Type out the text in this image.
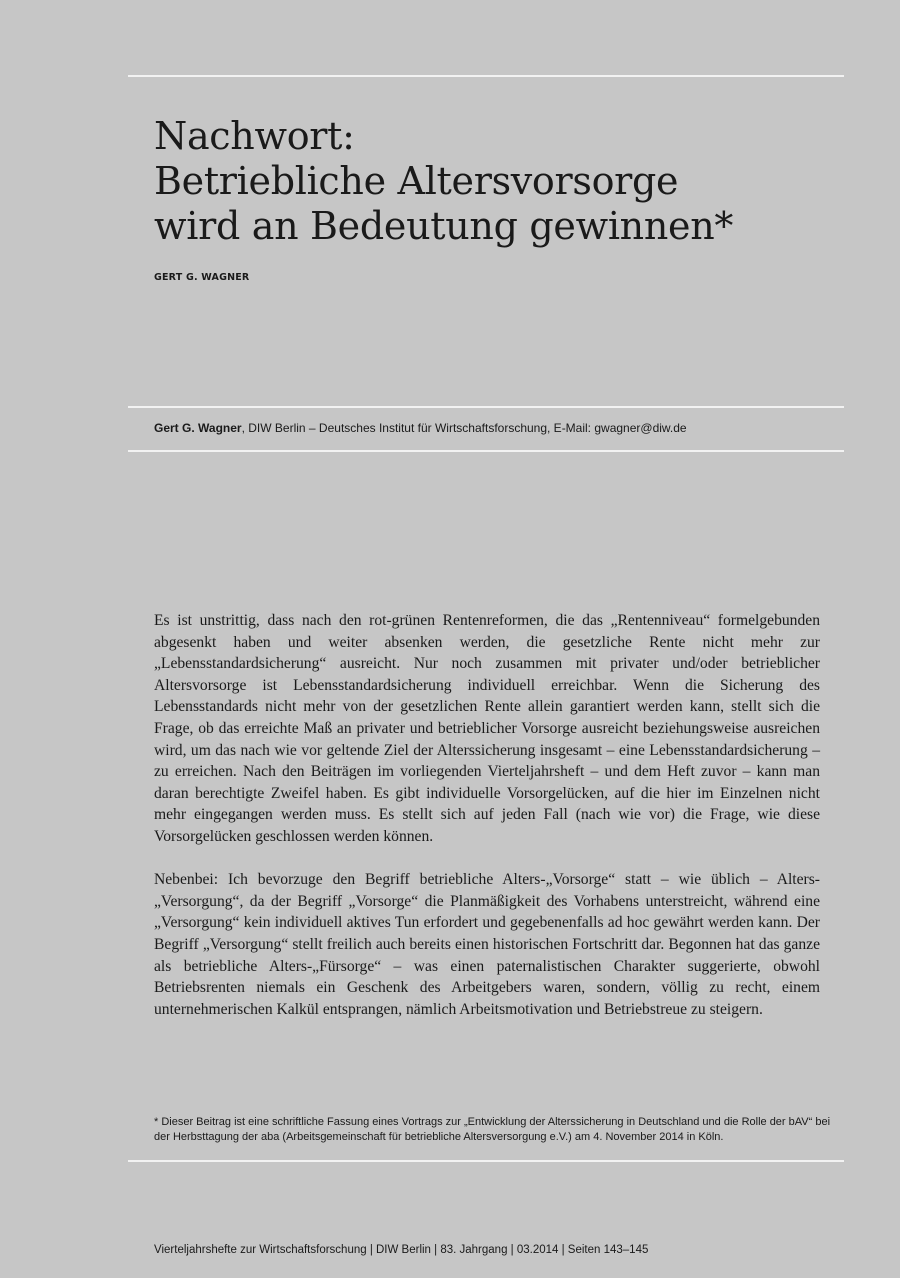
Nachwort:
Betriebliche Altersvorsorge
wird an Bedeutung gewinnen*
GERT G. WAGNER
Gert G. Wagner, DIW Berlin – Deutsches Institut für Wirtschaftsforschung, E-Mail: gwagner@diw.de

Es ist unstrittig, dass nach den rot-grünen Rentenreformen, die das „Rentenniveau“ formelgebunden abgesenkt haben und weiter absenken werden, die gesetzliche Rente nicht mehr zur „Lebensstandardsicherung“ ausreicht. Nur noch zusammen mit privater und/oder betrieblicher Altersvorsorge ist Lebensstandardsicherung individuell erreichbar. Wenn die Sicherung des Lebensstandards nicht mehr von der gesetzlichen Rente allein garantiert werden kann, stellt sich die Frage, ob das erreichte Maß an privater und betrieblicher Vorsorge ausreicht beziehungsweise ausreichen wird, um das nach wie vor geltende Ziel der Alterssicherung insgesamt – eine Lebensstandardsicherung – zu erreichen. Nach den Beiträgen im vorliegenden Vierteljahrsheft – und dem Heft zuvor – kann man daran berechtigte Zweifel haben. Es gibt individuelle Vorsorgelücken, auf die hier im Einzelnen nicht mehr eingegangen werden muss. Es stellt sich auf jeden Fall (nach wie vor) die Frage, wie diese Vorsorgelücken geschlossen werden können.

Nebenbei: Ich bevorzuge den Begriff betriebliche Alters-„Vorsorge“ statt – wie üblich – Alters-„Versorgung“, da der Begriff „Vorsorge“ die Planmäßigkeit des Vorhabens unterstreicht, während eine „Versorgung“ kein individuell aktives Tun erfordert und gegebenenfalls ad hoc gewährt werden kann. Der Begriff „Versorgung“ stellt freilich auch bereits einen historischen Fortschritt dar. Begonnen hat das ganze als betriebliche Alters-„Fürsorge“ – was einen paternalistischen Charakter suggerierte, obwohl Betriebsrenten niemals ein Geschenk des Arbeitgebers waren, sondern, völlig zu recht, einem unternehmerischen Kalkül entsprangen, nämlich Arbeitsmotivation und Betriebstreue zu steigern.

* Dieser Beitrag ist eine schriftliche Fassung eines Vortrags zur „Entwicklung der Alterssicherung in Deutschland und die Rolle der bAV“ bei der Herbsttagung der aba (Arbeitsgemeinschaft für betriebliche Altersversorgung e.V.) am 4. November 2014 in Köln.
Vierteljahrshefte zur Wirtschaftsforschung | DIW Berlin | 83. Jahrgang | 03.2014 | Seiten 143–145
